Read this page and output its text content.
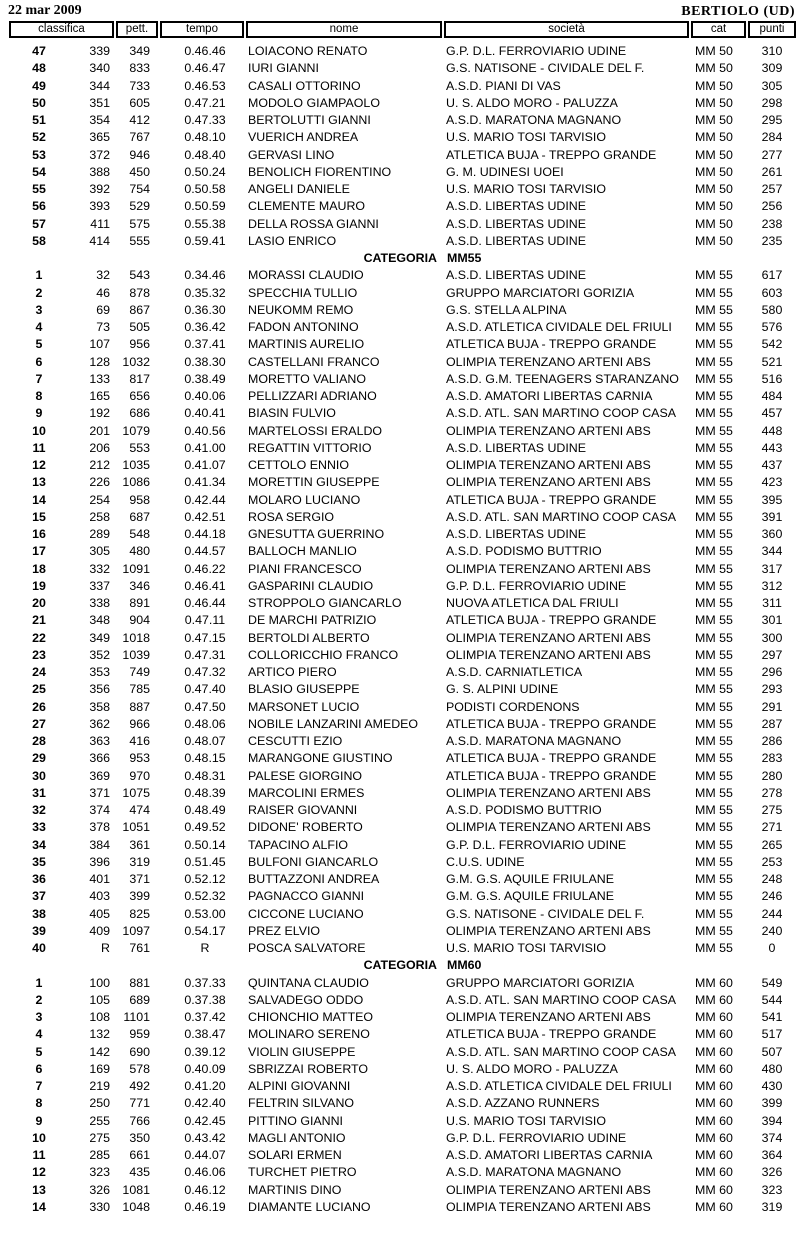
22 mar 2009	BERTIOLO (UD)
classifica	pett.	tempo	nome	società	cat	punti
47	339	349	0.46.46	LOIACONO RENATO	G.P. D.L. FERROVIARIO UDINE	MM 50	310
48	340	833	0.46.47	IURI GIANNI	G.S. NATISONE - CIVIDALE DEL F.	MM 50	309
49	344	733	0.46.53	CASALI OTTORINO	A.S.D. PIANI DI VAS	MM 50	305
50	351	605	0.47.21	MODOLO GIAMPAOLO	U. S. ALDO MORO - PALUZZA	MM 50	298
51	354	412	0.47.33	BERTOLUTTI GIANNI	A.S.D. MARATONA MAGNANO	MM 50	295
52	365	767	0.48.10	VUERICH ANDREA	U.S. MARIO TOSI TARVISIO	MM 50	284
53	372	946	0.48.40	GERVASI LINO	ATLETICA BUJA - TREPPO GRANDE	MM 50	277
54	388	450	0.50.24	BENOLICH FIORENTINO	G. M. UDINESI UOEI	MM 50	261
55	392	754	0.50.58	ANGELI DANIELE	U.S. MARIO TOSI TARVISIO	MM 50	257
56	393	529	0.50.59	CLEMENTE MAURO	A.S.D. LIBERTAS UDINE	MM 50	256
57	411	575	0.55.38	DELLA ROSSA GIANNI	A.S.D. LIBERTAS UDINE	MM 50	238
58	414	555	0.59.41	LASIO ENRICO	A.S.D. LIBERTAS UDINE	MM 50	235
CATEGORIA MM55
1	32	543	0.34.46	MORASSI CLAUDIO	A.S.D. LIBERTAS UDINE	MM 55	617
2	46	878	0.35.32	SPECCHIA TULLIO	GRUPPO MARCIATORI GORIZIA	MM 55	603
3	69	867	0.36.30	NEUKOMM REMO	G.S. STELLA ALPINA	MM 55	580
4	73	505	0.36.42	FADON ANTONINO	A.S.D. ATLETICA CIVIDALE DEL FRIULI	MM 55	576
5	107	956	0.37.41	MARTINIS AURELIO	ATLETICA BUJA - TREPPO GRANDE	MM 55	542
6	128	1032	0.38.30	CASTELLANI FRANCO	OLIMPIA TERENZANO ARTENI ABS	MM 55	521
7	133	817	0.38.49	MORETTO VALIANO	A.S.D. G.M. TEENAGERS STARANZANO	MM 55	516
8	165	656	0.40.06	PELLIZZARI ADRIANO	A.S.D. AMATORI LIBERTAS CARNIA	MM 55	484
9	192	686	0.40.41	BIASIN FULVIO	A.S.D. ATL. SAN MARTINO COOP CASA	MM 55	457
10	201	1079	0.40.56	MARTELOSSI ERALDO	OLIMPIA TERENZANO ARTENI ABS	MM 55	448
11	206	553	0.41.00	REGATTIN VITTORIO	A.S.D. LIBERTAS UDINE	MM 55	443
12	212	1035	0.41.07	CETTOLO ENNIO	OLIMPIA TERENZANO ARTENI ABS	MM 55	437
13	226	1086	0.41.34	MORETTIN GIUSEPPE	OLIMPIA TERENZANO ARTENI ABS	MM 55	423
14	254	958	0.42.44	MOLARO LUCIANO	ATLETICA BUJA - TREPPO GRANDE	MM 55	395
15	258	687	0.42.51	ROSA SERGIO	A.S.D. ATL. SAN MARTINO COOP CASA	MM 55	391
16	289	548	0.44.18	GNESUTTA GUERRINO	A.S.D. LIBERTAS UDINE	MM 55	360
17	305	480	0.44.57	BALLOCH MANLIO	A.S.D. PODISMO BUTTRIO	MM 55	344
18	332	1091	0.46.22	PIANI FRANCESCO	OLIMPIA TERENZANO ARTENI ABS	MM 55	317
19	337	346	0.46.41	GASPARINI CLAUDIO	G.P. D.L. FERROVIARIO UDINE	MM 55	312
20	338	891	0.46.44	STROPPOLO GIANCARLO	NUOVA ATLETICA DAL FRIULI	MM 55	311
21	348	904	0.47.11	DE MARCHI PATRIZIO	ATLETICA BUJA - TREPPO GRANDE	MM 55	301
22	349	1018	0.47.15	BERTOLDI ALBERTO	OLIMPIA TERENZANO ARTENI ABS	MM 55	300
23	352	1039	0.47.31	COLLORICCHIO FRANCO	OLIMPIA TERENZANO ARTENI ABS	MM 55	297
24	353	749	0.47.32	ARTICO PIERO	A.S.D. CARNIATLETICA	MM 55	296
25	356	785	0.47.40	BLASIO GIUSEPPE	G. S. ALPINI UDINE	MM 55	293
26	358	887	0.47.50	MARSONET LUCIO	PODISTI CORDENONS	MM 55	291
27	362	966	0.48.06	NOBILE LANZARINI AMEDEO	ATLETICA BUJA - TREPPO GRANDE	MM 55	287
28	363	416	0.48.07	CESCUTTI EZIO	A.S.D. MARATONA MAGNANO	MM 55	286
29	366	953	0.48.15	MARANGONE GIUSTINO	ATLETICA BUJA - TREPPO GRANDE	MM 55	283
30	369	970	0.48.31	PALESE GIORGINO	ATLETICA BUJA - TREPPO GRANDE	MM 55	280
31	371	1075	0.48.39	MARCOLINI ERMES	OLIMPIA TERENZANO ARTENI ABS	MM 55	278
32	374	474	0.48.49	RAISER GIOVANNI	A.S.D. PODISMO BUTTRIO	MM 55	275
33	378	1051	0.49.52	DIDONE' ROBERTO	OLIMPIA TERENZANO ARTENI ABS	MM 55	271
34	384	361	0.50.14	TAPACINO ALFIO	G.P. D.L. FERROVIARIO UDINE	MM 55	265
35	396	319	0.51.45	BULFONI GIANCARLO	C.U.S. UDINE	MM 55	253
36	401	371	0.52.12	BUTTAZZONI ANDREA	G.M. G.S. AQUILE FRIULANE	MM 55	248
37	403	399	0.52.32	PAGNACCO GIANNI	G.M. G.S. AQUILE FRIULANE	MM 55	246
38	405	825	0.53.00	CICCONE LUCIANO	G.S. NATISONE - CIVIDALE DEL F.	MM 55	244
39	409	1097	0.54.17	PREZ ELVIO	OLIMPIA TERENZANO ARTENI ABS	MM 55	240
40	R	761	R	POSCA SALVATORE	U.S. MARIO TOSI TARVISIO	MM 55	0
CATEGORIA MM60
1	100	881	0.37.33	QUINTANA CLAUDIO	GRUPPO MARCIATORI GORIZIA	MM 60	549
2	105	689	0.37.38	SALVADEGO ODDO	A.S.D. ATL. SAN MARTINO COOP CASA	MM 60	544
3	108	1101	0.37.42	CHIONCHIO MATTEO	OLIMPIA TERENZANO ARTENI ABS	MM 60	541
4	132	959	0.38.47	MOLINARO SERENO	ATLETICA BUJA - TREPPO GRANDE	MM 60	517
5	142	690	0.39.12	VIOLIN GIUSEPPE	A.S.D. ATL. SAN MARTINO COOP CASA	MM 60	507
6	169	578	0.40.09	SBRIZZAI ROBERTO	U. S. ALDO MORO - PALUZZA	MM 60	480
7	219	492	0.41.20	ALPINI GIOVANNI	A.S.D. ATLETICA CIVIDALE DEL FRIULI	MM 60	430
8	250	771	0.42.40	FELTRIN SILVANO	A.S.D. AZZANO RUNNERS	MM 60	399
9	255	766	0.42.45	PITTINO GIANNI	U.S. MARIO TOSI TARVISIO	MM 60	394
10	275	350	0.43.42	MAGLI ANTONIO	G.P. D.L. FERROVIARIO UDINE	MM 60	374
11	285	661	0.44.07	SOLARI ERMEN	A.S.D. AMATORI LIBERTAS CARNIA	MM 60	364
12	323	435	0.46.06	TURCHET PIETRO	A.S.D. MARATONA MAGNANO	MM 60	326
13	326	1081	0.46.12	MARTINIS DINO	OLIMPIA TERENZANO ARTENI ABS	MM 60	323
14	330	1048	0.46.19	DIAMANTE LUCIANO	OLIMPIA TERENZANO ARTENI ABS	MM 60	319
